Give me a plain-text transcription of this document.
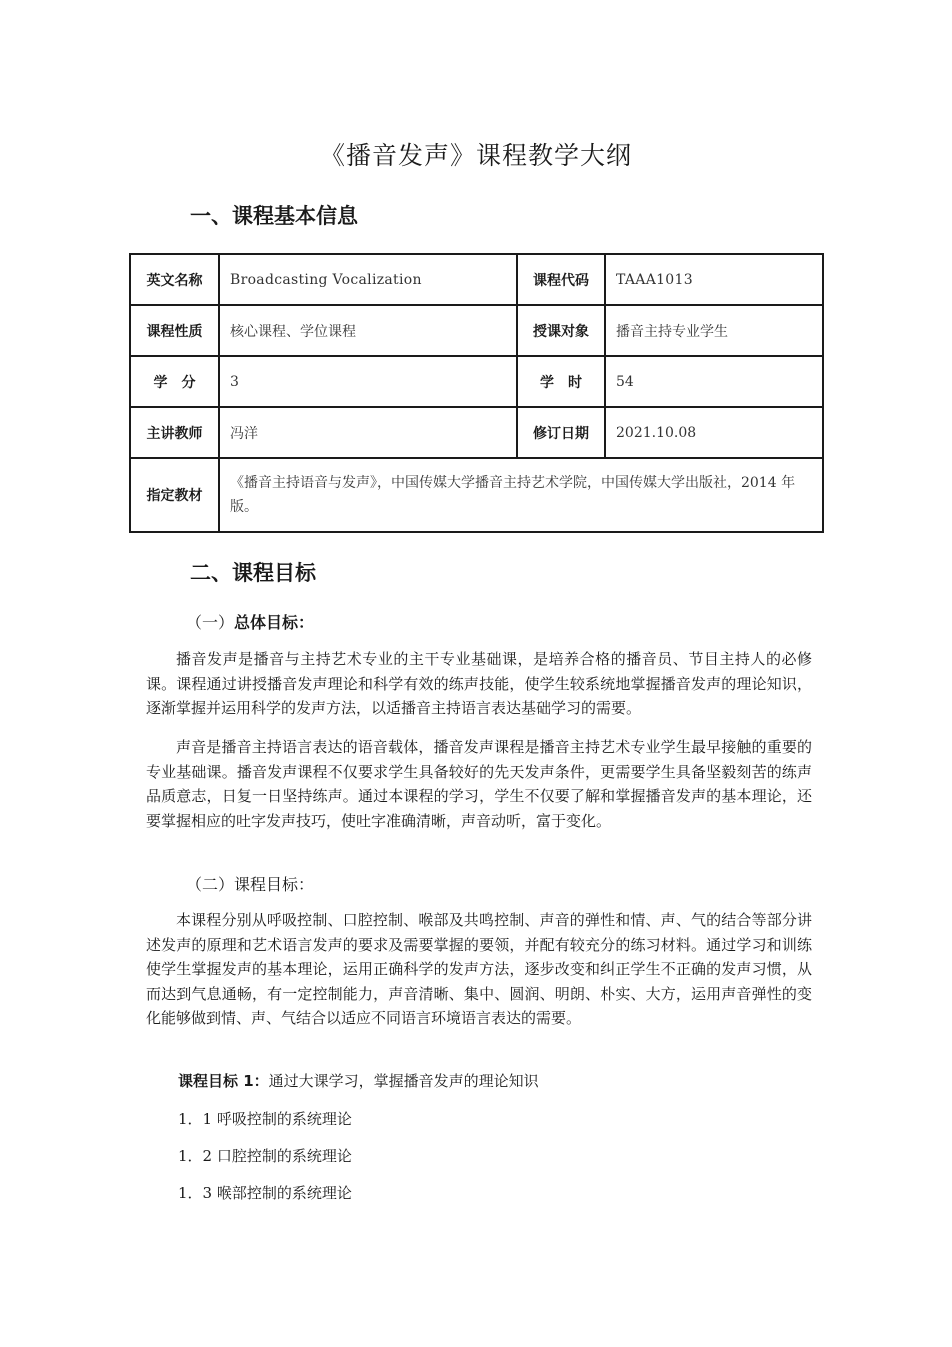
《播音发声》课程教学大纲
一、课程基本信息
英文名称	Broadcasting Vocalization	课程代码	TAAA1013
课程性质	核心课程、学位课程	授课对象	播音主持专业学生
学　分	3	学　时	54
主讲教师	冯洋	修订日期	2021.10.08
指定教材	《播音主持语音与发声》，中国传媒大学播音主持艺术学院，中国传媒大学出版社，2014 年版。		
二、课程目标
（一）总体目标：

播音发声是播音与主持艺术专业的主干专业基础课，是培养合格的播音员、节目主持人的必修课。课程通过讲授播音发声理论和科学有效的练声技能，使学生较系统地掌握播音发声的理论知识，逐渐掌握并运用科学的发声方法，以适播音主持语言表达基础学习的需要。

声音是播音主持语言表达的语音载体，播音发声课程是播音主持艺术专业学生最早接触的重要的专业基础课。播音发声课程不仅要求学生具备较好的先天发声条件，更需要学生具备坚毅刻苦的练声品质意志，日复一日坚持练声。通过本课程的学习，学生不仅要了解和掌握播音发声的基本理论，还要掌握相应的吐字发声技巧，使吐字准确清晰，声音动听，富于变化。

（二）课程目标：

本课程分别从呼吸控制、口腔控制、喉部及共鸣控制、声音的弹性和情、声、气的结合等部分讲述发声的原理和艺术语言发声的要求及需要掌握的要领，并配有较充分的练习材料。通过学习和训练使学生掌握发声的基本理论，运用正确科学的发声方法，逐步改变和纠正学生不正确的发声习惯，从而达到气息通畅，有一定控制能力，声音清晰、集中、圆润、明朗、朴实、大方，运用声音弹性的变化能够做到情、声、气结合以适应不同语言环境语言表达的需要。

课程目标 1：通过大课学习，掌握播音发声的理论知识
1．1 呼吸控制的系统理论
1．2 口腔控制的系统理论
1．3 喉部控制的系统理论
